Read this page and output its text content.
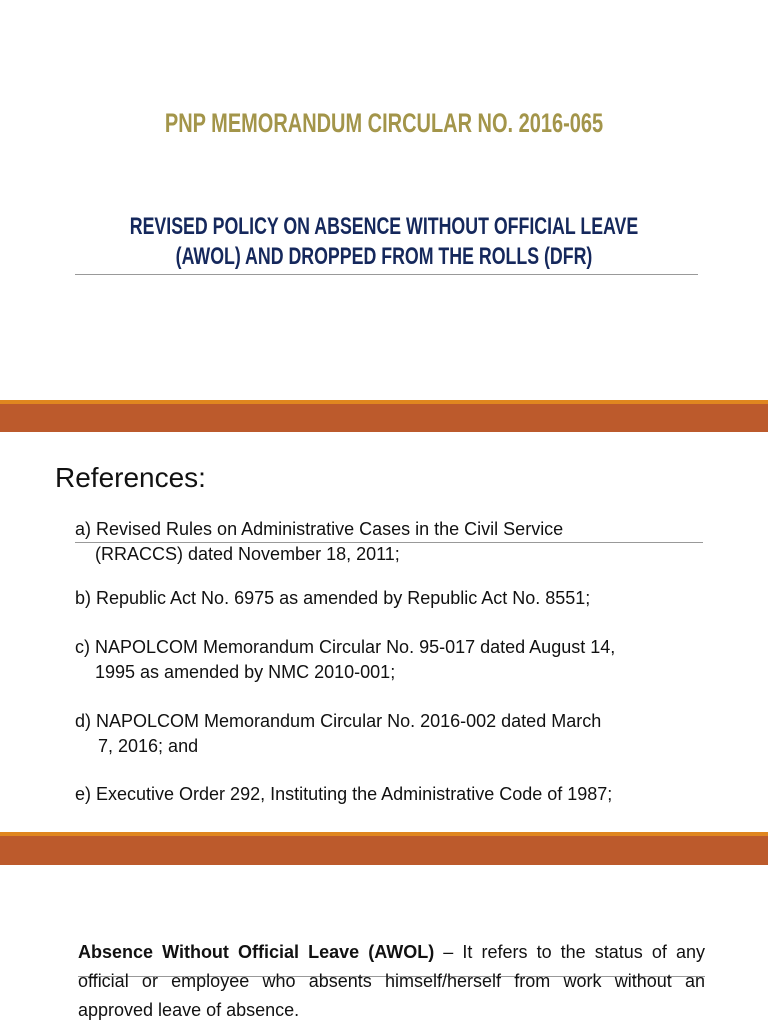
PNP MEMORANDUM CIRCULAR NO. 2016-065
REVISED POLICY ON ABSENCE WITHOUT OFFICIAL LEAVE
(AWOL) AND DROPPED FROM THE ROLLS (DFR)
References:
a) Revised Rules on Administrative Cases in the Civil Service
(RRACCS) dated November 18, 2011;
b) Republic Act No. 6975 as amended by Republic Act No. 8551;
c) NAPOLCOM Memorandum Circular No. 95-017 dated August 14,
1995 as amended by NMC 2010-001;
d) NAPOLCOM Memorandum Circular No. 2016-002 dated March
7, 2016; and
e) Executive Order 292, Instituting the Administrative Code of 1987;
Absence Without Official Leave (AWOL) – It refers to the status of any official or employee who absents himself/herself from work without an approved leave of absence.
